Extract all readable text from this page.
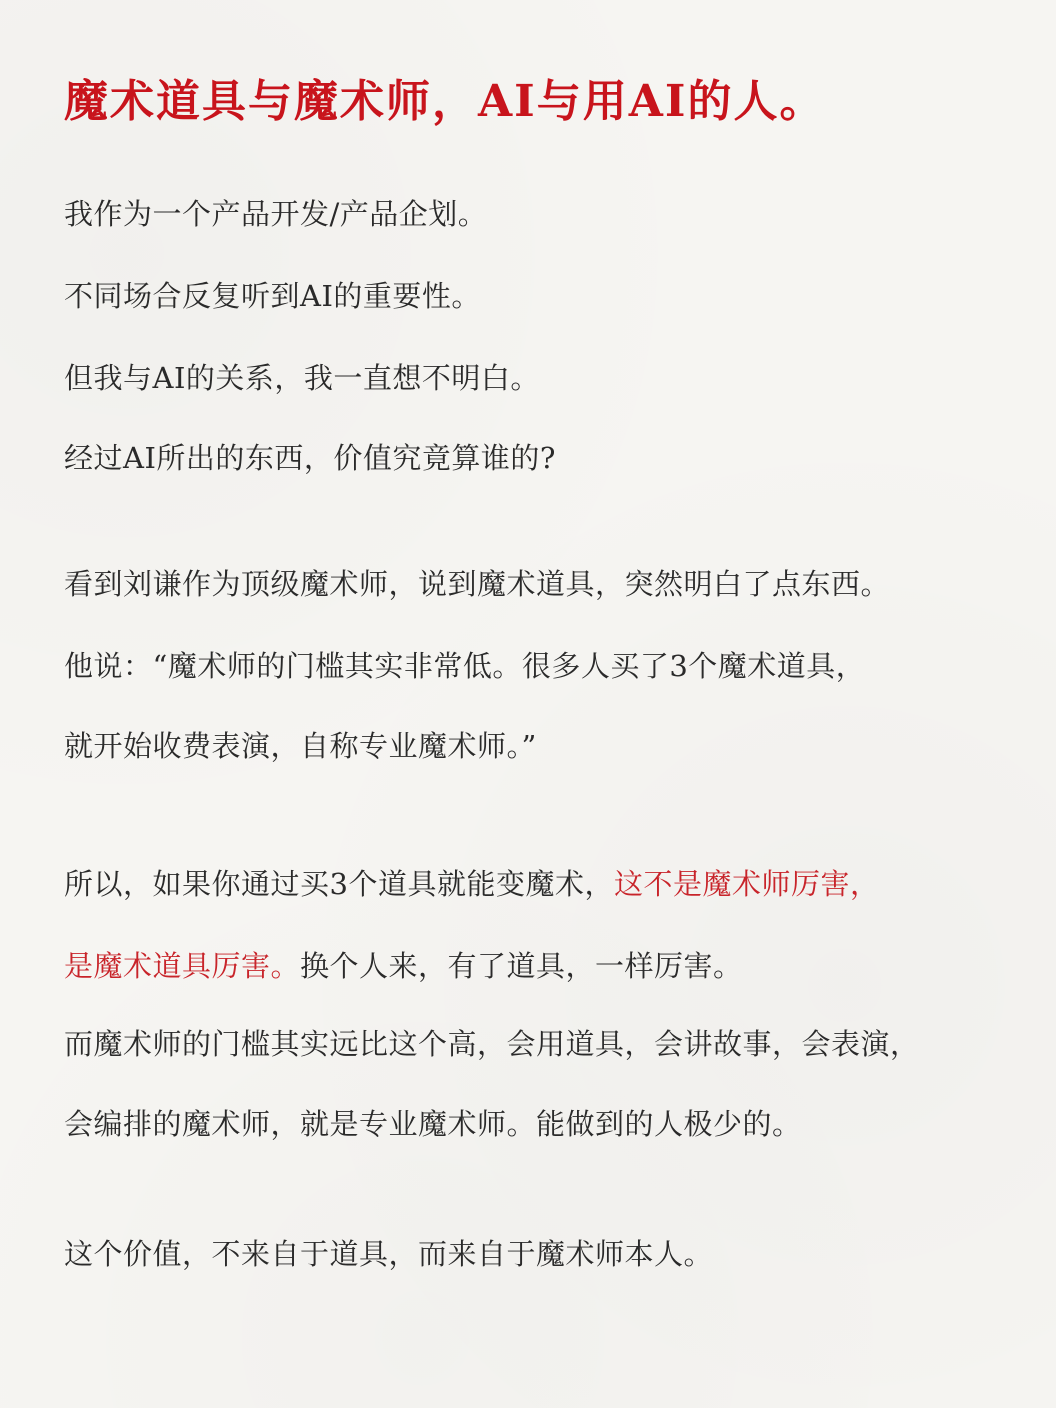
魔术道具与魔术师，AI与用AI的人。
我作为一个产品开发/产品企划。
不同场合反复听到AI的重要性。
但我与AI的关系，我一直想不明白。
经过AI所出的东西，价值究竟算谁的?
看到刘谦作为顶级魔术师，说到魔术道具，突然明白了点东西。
他说：“魔术师的门槛其实非常低。很多人买了3个魔术道具，
就开始收费表演，自称专业魔术师。”
所以，如果你通过买3个道具就能变魔术，这不是魔术师厉害，
是魔术道具厉害。换个人来，有了道具，一样厉害。
而魔术师的门槛其实远比这个高，会用道具，会讲故事，会表演，
会编排的魔术师，就是专业魔术师。能做到的人极少的。
这个价值，不来自于道具，而来自于魔术师本人。
